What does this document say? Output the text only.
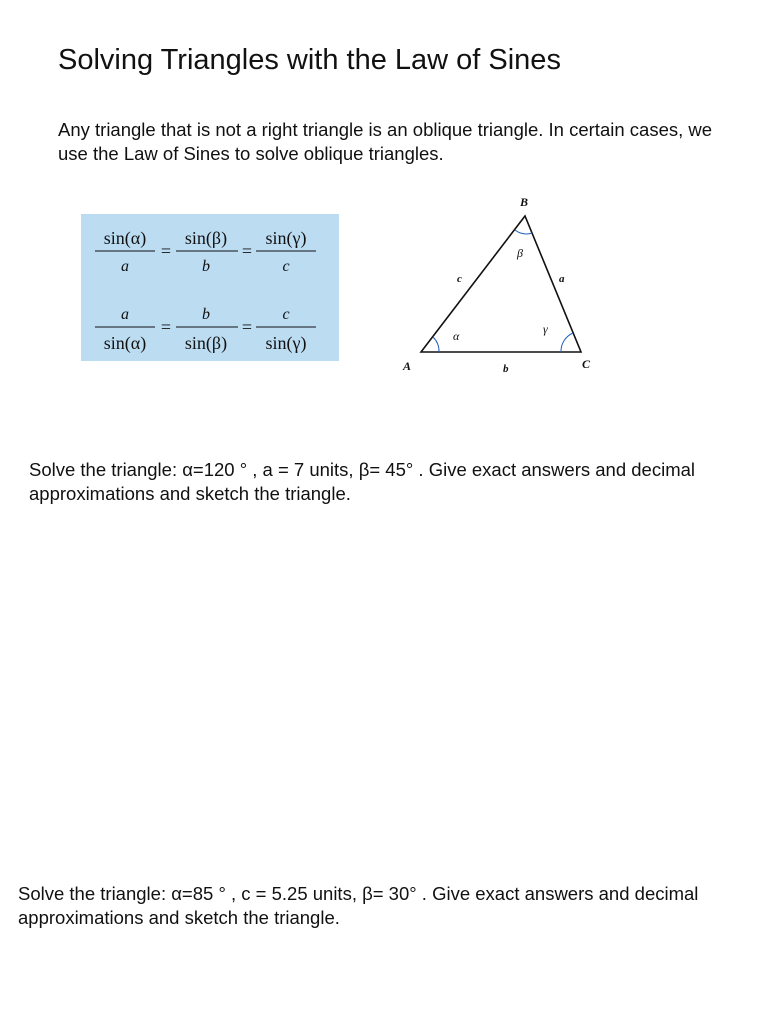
Solving Triangles with the Law of Sines

Any triangle that is not a right triangle is an oblique triangle. In certain cases, we use the Law of Sines to solve oblique triangles.

sin(α)
a
=
sin(β)
b
=
sin(γ)
c
a
sin(α)
=
b
sin(β)
=
c
sin(γ)
A
B
C
c	a
b
α
β
γ

Solve the triangle: α=120 ° , a = 7 units, β= 45° . Give exact answers and decimal approximations and sketch the triangle.

Solve the triangle: α=85 ° , c = 5.25 units, β= 30° . Give exact answers and decimal approximations and sketch the triangle.
